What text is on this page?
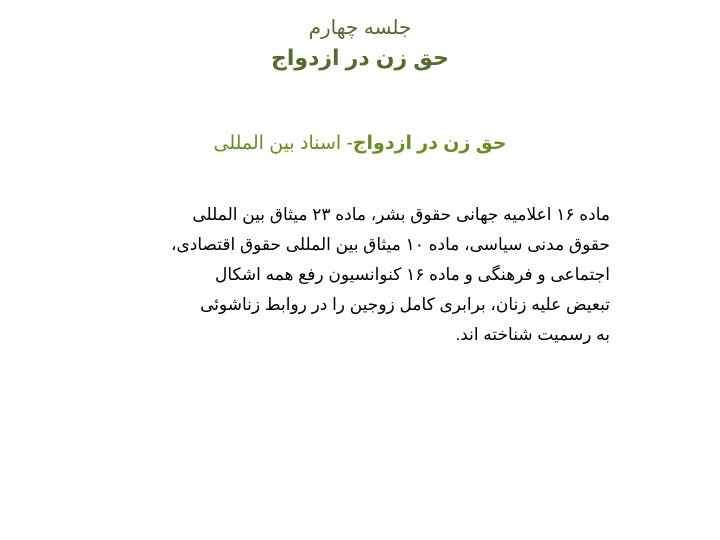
جلسه چهارم
حق زن در ازدواج
حق زن در ازدواج- اسناد بین المللی
ماده ۱۶ اعلامیه جهانی حقوق بشر، ماده ۲۳ میثاق بین المللی
حقوق مدنی سیاسی، ماده ۱۰ میثاق بین المللی حقوق اقتصادی،
اجتماعی و فرهنگی و ماده ۱۶ کنوانسیون رفع همه اشکال
تبعیض علیه زنان، برابری کامل زوجین را در روابط زناشوئی
به رسمیت شناخته اند.
